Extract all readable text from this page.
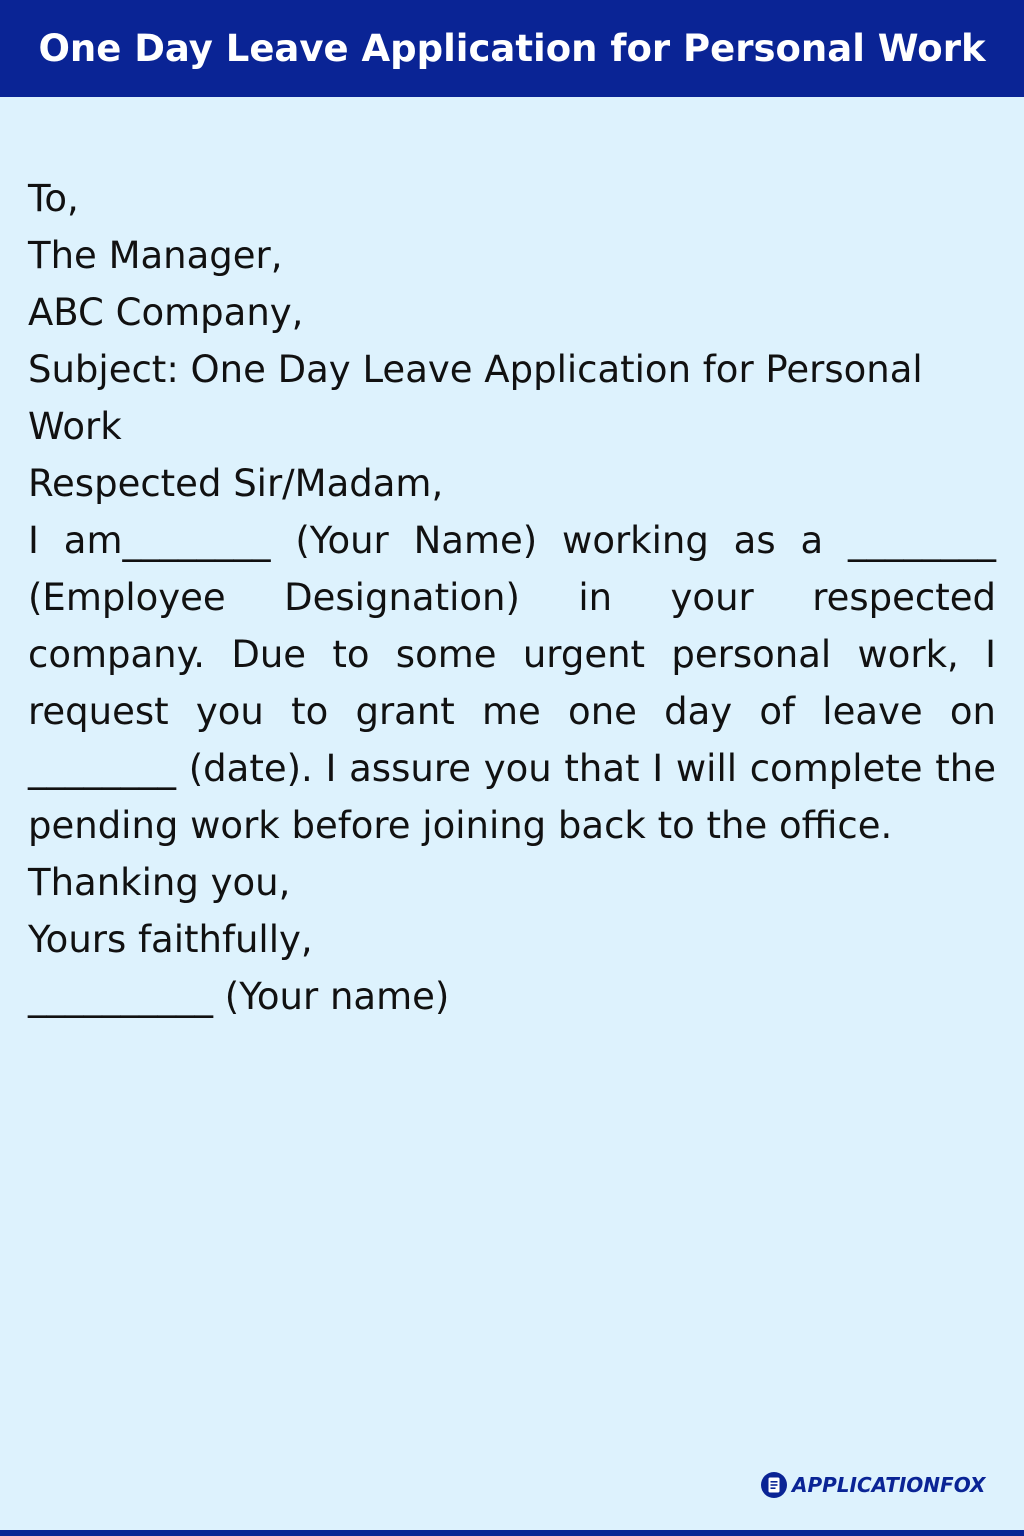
One Day Leave Application for Personal Work

To,
The Manager,
ABC Company,

Subject: One Day Leave Application for Personal Work

Respected Sir/Madam,

I am________ (Your Name) working as a ________ (Employee Designation) in your respected company. Due to some urgent personal work, I request you to grant me one day of leave on ________ (date). I assure you that I will complete the pending work before joining back to the office.

Thanking you,
Yours faithfully,
__________ (Your name)

APPLICATIONFOX
